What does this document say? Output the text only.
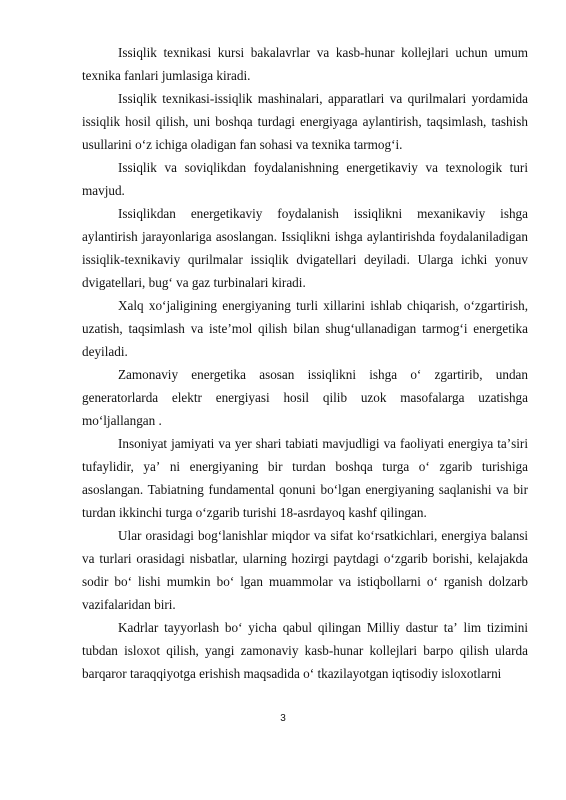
Issiqlik texnikasi kursi bakalavrlar va kasb-hunar kollejlari uchun umum texnika fanlari jumlasiga kiradi.

Issiqlik texnikasi-issiqlik mashinalari, apparatlari va qurilmalari yordamida issiqlik hosil qilish, uni boshqa turdagi energiyaga aylantirish, taqsimlash, tashish usullarini oʻz ichiga oladigan fan sohasi va texnika tarmogʻi.

Issiqlik va soviqlikdan foydalanishning energetikaviy va texnologik turi mavjud.

Issiqlikdan energetikaviy foydalanish issiqlikni mexanikaviy ishga aylantirish jarayonlariga asoslangan. Issiqlikni ishga aylantirishda foydalaniladigan issiqlik-texnikaviy qurilmalar issiqlik dvigatellari deyiladi. Ularga ichki yonuv dvigatellari, bugʻ va gaz turbinalari kiradi.

Xalq xoʻjaligining energiyaning turli xillarini ishlab chiqarish, oʻzgartirish, uzatish, taqsimlash va isteʼmol qilish bilan shugʻullanadigan tarmogʻi energetika deyiladi.

Zamonaviy energetika asosan issiqlikni ishga oʻ zgartirib, undan generatorlarda elektr energiyasi hosil qilib uzok masofalarga uzatishga moʻljallangan .

Insoniyat jamiyati va yer shari tabiati mavjudligi va faoliyati energiya taʼsiri tufaylidir, yaʼ ni energiyaning bir turdan boshqa turga oʻ zgarib turishiga asoslangan. Tabiatning fundamental qonuni boʻlgan energiyaning saqlanishi va bir turdan ikkinchi turga oʻzgarib turishi 18-asrdayoq kashf qilingan.

Ular orasidagi bogʻlanishlar miqdor va sifat koʻrsatkichlari, energiya balansi va turlari orasidagi nisbatlar, ularning hozirgi paytdagi oʻzgarib borishi, kelajakda sodir boʻ lishi mumkin boʻ lgan muammolar va istiqbollarni oʻ rganish dolzarb vazifalaridan biri.

Kadrlar tayyorlash boʻ yicha qabul qilingan Milliy dastur taʼ lim tizimini tubdan isloxot qilish, yangi zamonaviy kasb-hunar kollejlari barpo qilish ularda barqaror taraqqiyotga erishish maqsadida oʻ tkazilayotgan iqtisodiy isloxotlarni

3
